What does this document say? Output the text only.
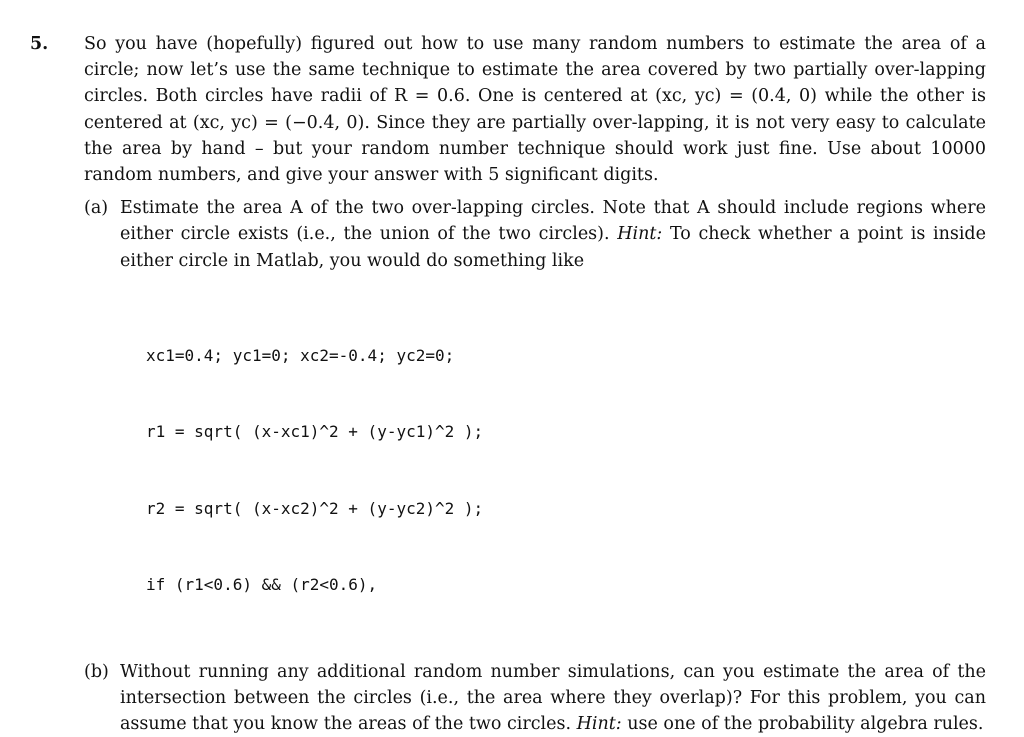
5. So you have (hopefully) figured out how to use many random numbers to estimate the area of a circle; now let’s use the same technique to estimate the area covered by two partially over-lapping circles. Both circles have radii of R = 0.6. One is centered at (xc, yc) = (0.4, 0) while the other is centered at (xc, yc) = (−0.4, 0). Since they are partially over-lapping, it is not very easy to calculate the area by hand – but your random number technique should work just fine. Use about 10000 random numbers, and give your answer with 5 significant digits.

(a) Estimate the area A of the two over-lapping circles. Note that A should include regions where either circle exists (i.e., the union of the two circles). Hint: To check whether a point is inside either circle in Matlab, you would do something like

xc1=0.4; yc1=0; xc2=-0.4; yc2=0;

r1 = sqrt( (x-xc1)^2 + (y-yc1)^2 );

r2 = sqrt( (x-xc2)^2 + (y-yc2)^2 );

if (r1<0.6) && (r2<0.6),

(b) Without running any additional random number simulations, can you estimate the area of the intersection between the circles (i.e., the area where they overlap)? For this problem, you can assume that you know the areas of the two circles. Hint: use one of the probability algebra rules.
